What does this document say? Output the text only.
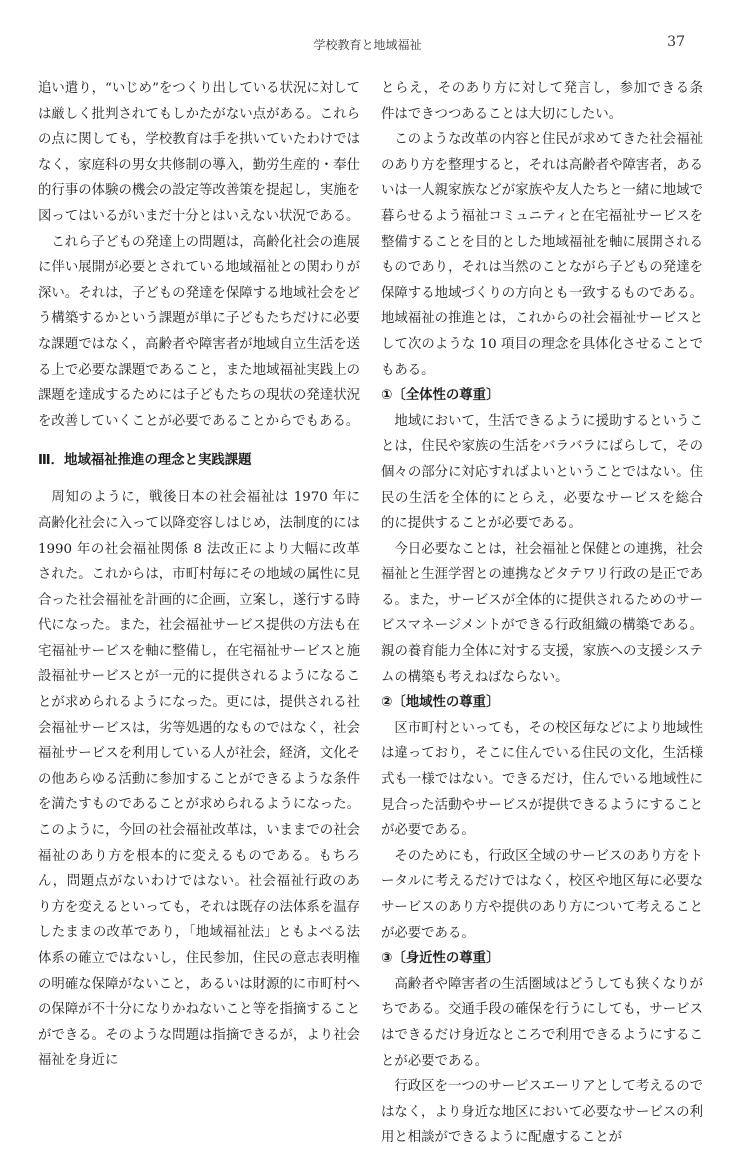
学校教育と地域福祉	37

追い遣り，“いじめ”をつくり出している状況に対しては厳しく批判されてもしかたがない点がある。これらの点に関しても，学校教育は手を拱いていたわけではなく，家庭科の男女共修制の導入，勤労生産的・奉仕的行事の体験の機会の設定等改善策を提起し，実施を図ってはいるがいまだ十分とはいえない状況である。

これら子どもの発達上の問題は，高齢化社会の進展に伴い展開が必要とされている地域福祉との関わりが深い。それは，子どもの発達を保障する地域社会をどう構築するかという課題が単に子どもたちだけに必要な課題ではなく，高齢者や障害者が地域自立生活を送る上で必要な課題であること，また地域福祉実践上の課題を達成するためには子どもたちの現状の発達状況を改善していくことが必要であることからでもある。

Ⅲ．地域福祉推進の理念と実践課題

周知のように，戦後日本の社会福祉は 1970 年に高齢化社会に入って以降変容しはじめ，法制度的には 1990 年の社会福祉関係 8 法改正により大幅に改革された。これからは，市町村毎にその地域の属性に見合った社会福祉を計画的に企画，立案し，遂行する時代になった。また，社会福祉サービス提供の方法も在宅福祉サービスを軸に整備し，在宅福祉サービスと施設福祉サービスとが一元的に提供されるようになることが求められるようになった。更には，提供される社会福祉サービスは，劣等処遇的なものではなく，社会福祉サービスを利用している人が社会，経済，文化その他あらゆる活動に参加することができるような条件を満たすものであることが求められるようになった。このように，今回の社会福祉改革は，いままでの社会福祉のあり方を根本的に変えるものである。もちろん，問題点がないわけではない。社会福祉行政のあり方を変えるといっても，それは既存の法体系を温存したままの改革であり，「地域福祉法」ともよべる法体系の確立ではないし，住民参加，住民の意志表明権の明確な保障がないこと，あるいは財源的に市町村への保障が不十分になりかねないこと等を指摘することができる。そのような問題は指摘できるが，より社会福祉を身近に

とらえ，そのあり方に対して発言し，参加できる条件はできつつあることは大切にしたい。

このような改革の内容と住民が求めてきた社会福祉のあり方を整理すると，それは高齢者や障害者，あるいは一人親家族などが家族や友人たちと一緒に地域で暮らせるよう福祉コミュニティと在宅福祉サービスを整備することを目的とした地域福祉を軸に展開されるものであり，それは当然のことながら子どもの発達を保障する地域づくりの方向とも一致するものである。地域福祉の推進とは，これからの社会福祉サービスとして次のような 10 項目の理念を具体化させることでもある。

①〔全体性の尊重〕

地域において，生活できるように援助するということは，住民や家族の生活をバラバラにばらして，その個々の部分に対応すればよいということではない。住民の生活を全体的にとらえ，必要なサービスを総合的に提供することが必要である。

今日必要なことは，社会福祉と保健との連携，社会福祉と生涯学習との連携などタテワリ行政の是正である。また，サービスが全体的に提供されるためのサービスマネージメントができる行政組織の構築である。親の養育能力全体に対する支援，家族への支援システムの構築も考えねばならない。

②〔地域性の尊重〕

区市町村といっても，その校区毎などにより地域性は違っており，そこに住んでいる住民の文化，生活様式も一様ではない。できるだけ，住んでいる地域性に見合った活動やサービスが提供できるようにすることが必要である。

そのためにも，行政区全域のサービスのあり方をトータルに考えるだけではなく，校区や地区毎に必要なサービスのあり方や提供のあり方について考えることが必要である。

③〔身近性の尊重〕

高齢者や障害者の生活圏域はどうしても狭くなりがちである。交通手段の確保を行うにしても，サービスはできるだけ身近なところで利用できるようにすることが必要である。

行政区を一つのサービスエーリアとして考えるのではなく，より身近な地区において必要なサービスの利用と相談ができるように配慮することが
